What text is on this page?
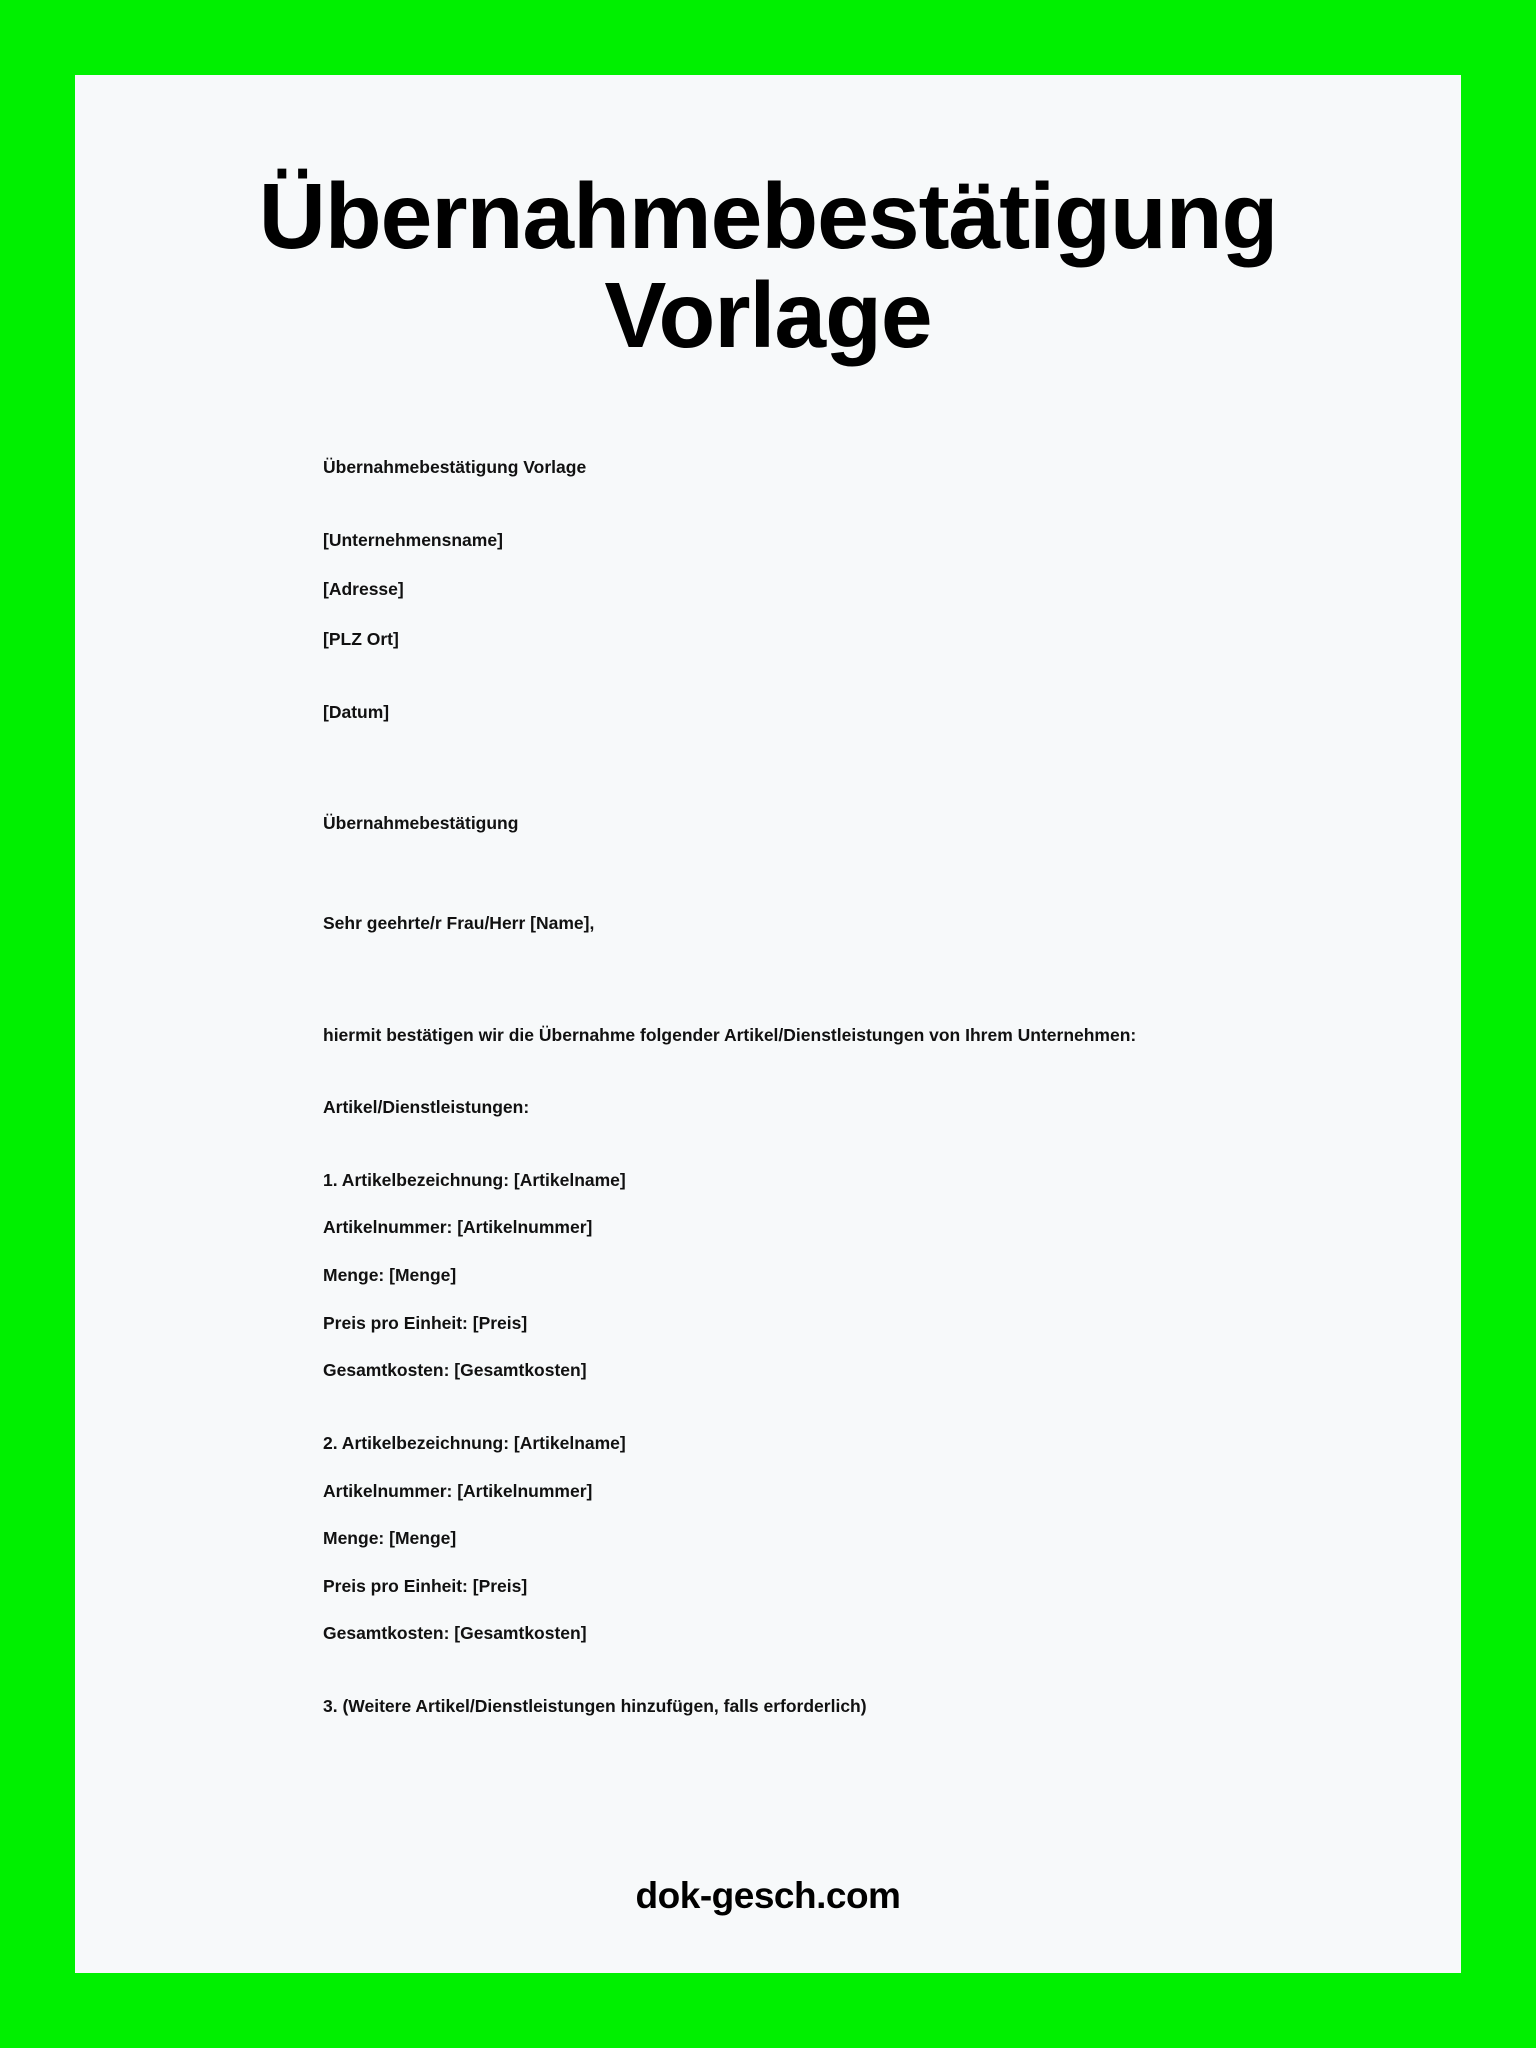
Übernahmebestätigung Vorlage

Übernahmebestätigung Vorlage

[Unternehmensname]

[Adresse]

[PLZ Ort]

[Datum]

Übernahmebestätigung

Sehr geehrte/r Frau/Herr [Name],

hiermit bestätigen wir die Übernahme folgender Artikel/Dienstleistungen von Ihrem Unternehmen:

Artikel/Dienstleistungen:

1. Artikelbezeichnung: [Artikelname]

Artikelnummer: [Artikelnummer]

Menge: [Menge]

Preis pro Einheit: [Preis]

Gesamtkosten: [Gesamtkosten]

2. Artikelbezeichnung: [Artikelname]

Artikelnummer: [Artikelnummer]

Menge: [Menge]

Preis pro Einheit: [Preis]

Gesamtkosten: [Gesamtkosten]

3. (Weitere Artikel/Dienstleistungen hinzufügen, falls erforderlich)

dok-gesch.com
